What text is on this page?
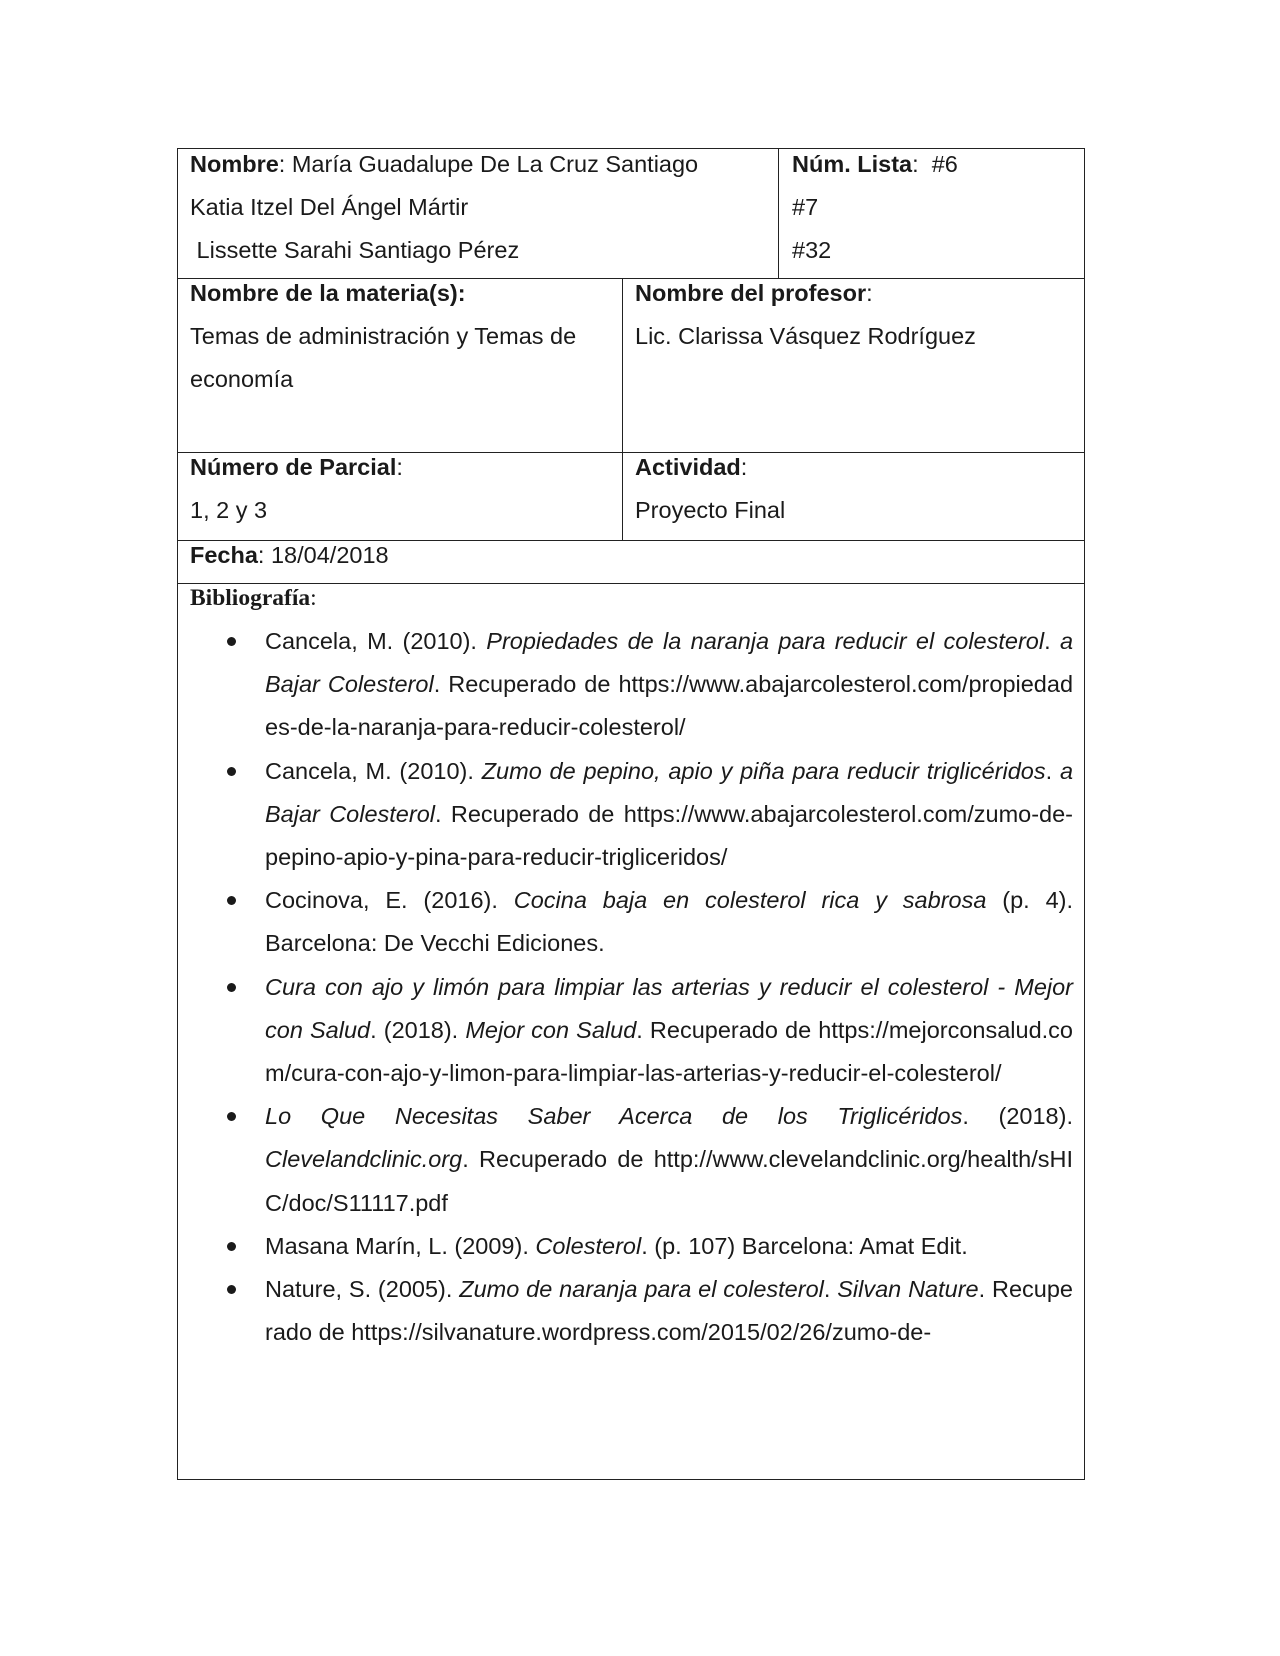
Nombre: María Guadalupe De La Cruz Santiago
Katia Itzel Del Ángel Mártir
Lissette Sarahi Santiago Pérez
Núm. Lista:  #6
#7
#32
Nombre de la materia(s):
Temas de administración y Temas de
economía
Nombre del profesor:
Lic. Clarissa Vásquez Rodríguez
Número de Parcial:
1, 2 y 3
Actividad:
Proyecto Final
Fecha: 18/04/2018
Bibliografía:
Cancela, M. (2010). Propiedades de la naranja para reducir el colesterol. a Bajar Colesterol. Recuperado de https://www.abajarcolesterol.com/propiedades-de-la-naranja-para-reducir-colesterol/
Cancela, M. (2010). Zumo de pepino, apio y piña para reducir triglicéridos. a Bajar Colesterol. Recuperado de https://www.abajarcolesterol.com/zumo-de-pepino-apio-y-pina-para-reducir-trigliceridos/
Cocinova, E. (2016). Cocina baja en colesterol rica y sabrosa (p. 4). Barcelona: De Vecchi Ediciones.
Cura con ajo y limón para limpiar las arterias y reducir el colesterol - Mejor con Salud. (2018). Mejor con Salud. Recuperado de https://mejorconsalud.com/cura-con-ajo-y-limon-para-limpiar-las-arterias-y-reducir-el-colesterol/
Lo Que Necesitas Saber Acerca de los Triglicéridos. (2018). Clevelandclinic.org. Recuperado de http://www.clevelandclinic.org/health/sHIC/doc/S11117.pdf
Masana Marín, L. (2009). Colesterol. (p. 107) Barcelona: Amat Edit.
Nature, S. (2005). Zumo de naranja para el colesterol. Silvan Nature. Recuperado de https://silvanature.wordpress.com/2015/02/26/zumo-de-
